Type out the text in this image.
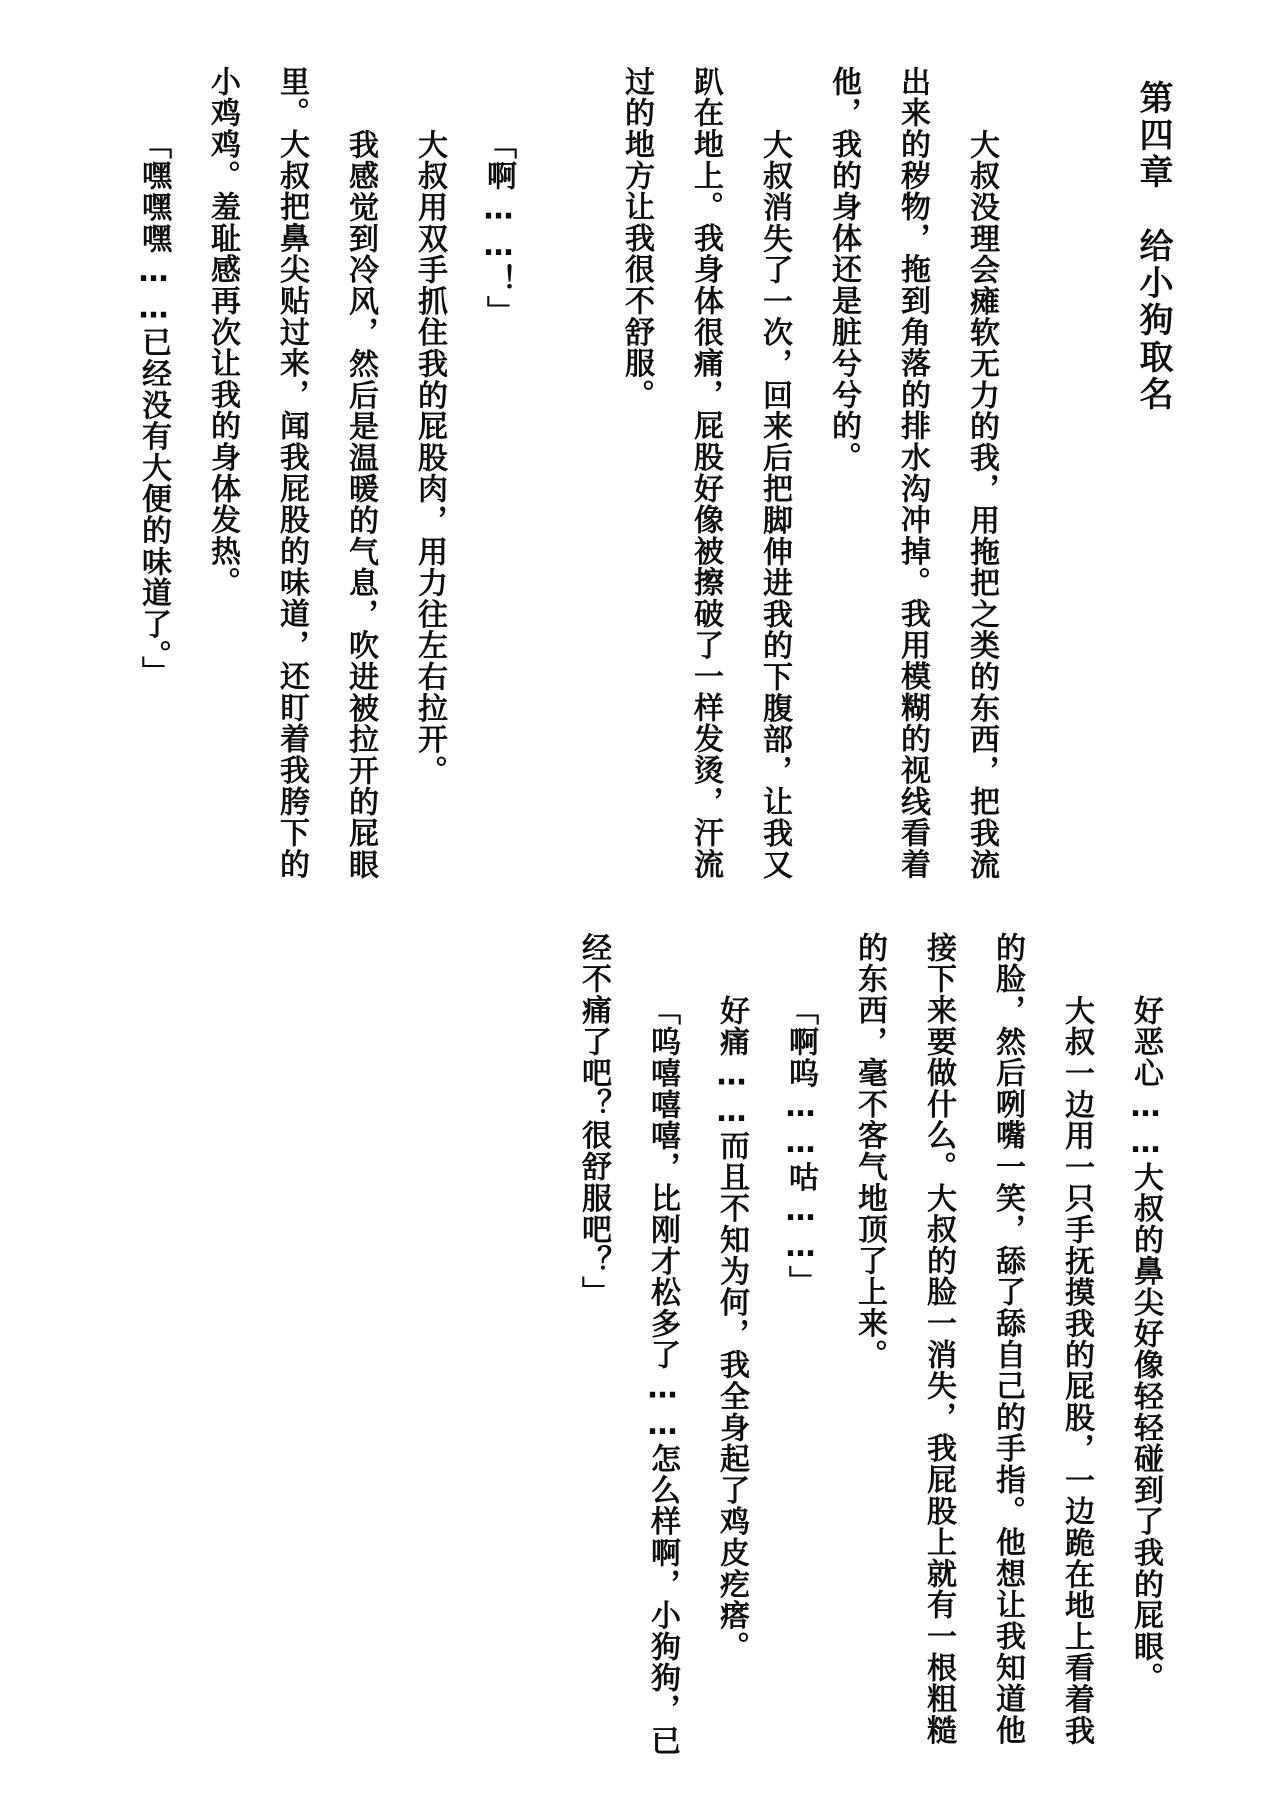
第四章　给小狗取名
大叔没理会瘫软无力的我，用拖把之类的东西，把我流
出来的秽物，拖到角落的排水沟冲掉。我用模糊的视线看着
他，我的身体还是脏兮兮的。
大叔消失了一次，回来后把脚伸进我的下腹部，让我又
趴在地上。我身体很痛，屁股好像被擦破了一样发烫，汗流
过的地方让我很不舒服。
「啊……！」
大叔用双手抓住我的屁股肉，用力往左右拉开。
我感觉到冷风，然后是温暖的气息，吹进被拉开的屁眼
里。大叔把鼻尖贴过来，闻我屁股的味道，还盯着我胯下的
小鸡鸡。羞耻感再次让我的身体发热。
「嘿嘿嘿……已经没有大便的味道了。」
好恶心……大叔的鼻尖好像轻轻碰到了我的屁眼。
大叔一边用一只手抚摸我的屁股，一边跪在地上看着我
的脸，然后咧嘴一笑，舔了舔自己的手指。他想让我知道他
接下来要做什么。大叔的脸一消失，我屁股上就有一根粗糙
的东西，毫不客气地顶了上来。
「啊呜……咕……」
好痛……而且不知为何，我全身起了鸡皮疙瘩。
「呜嘻嘻嘻，比刚才松多了……怎么样啊，小狗狗，已
经不痛了吧？很舒服吧？」
